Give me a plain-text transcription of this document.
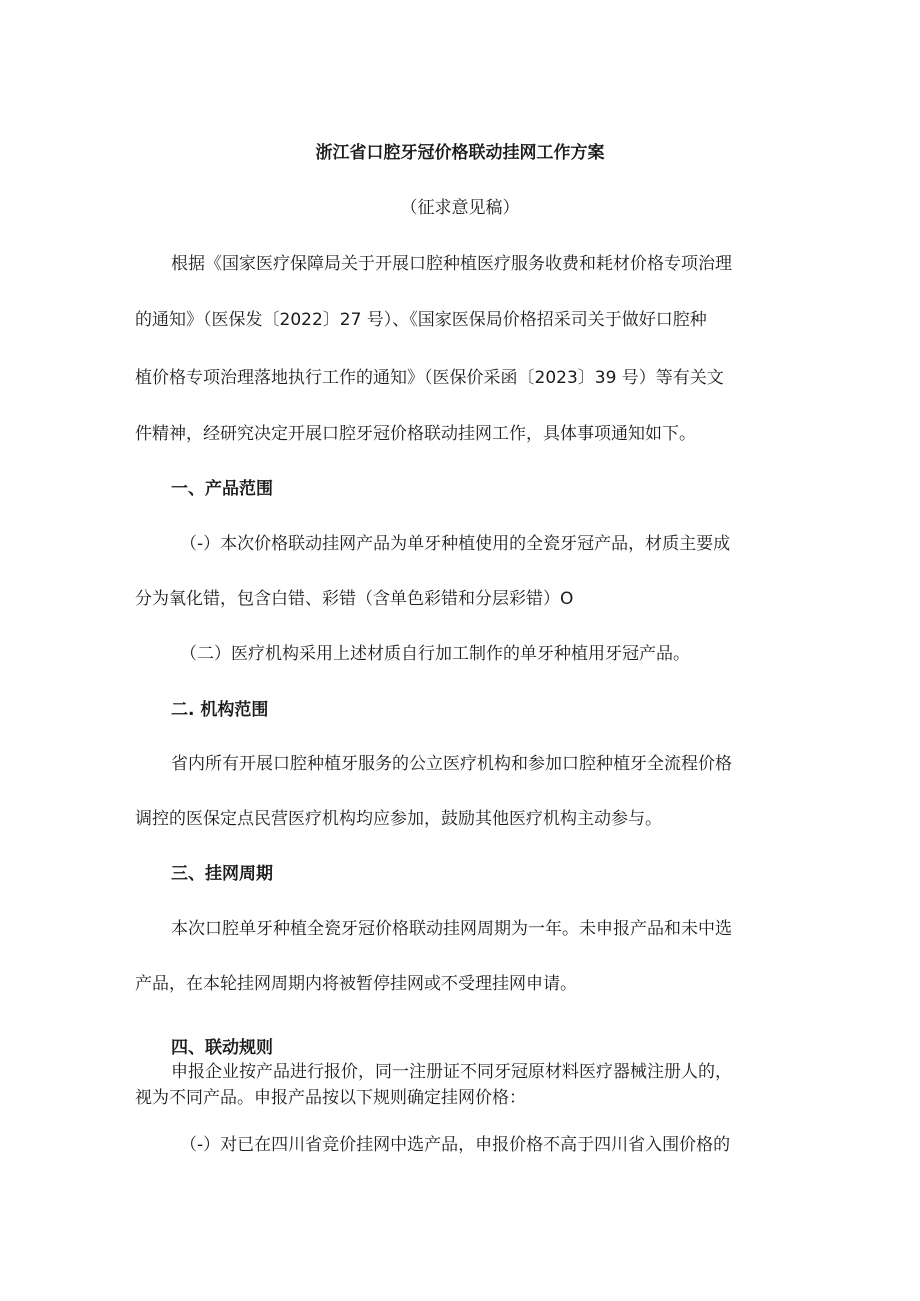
浙江省口腔牙冠价格联动挂网工作方案
（征求意见稿）
根据《国家医疗保障局关于开展口腔种植医疗服务收费和耗材价格专项治理
的通知》（医保发〔2022〕27 号）、《国家医保局价格招采司关于做好口腔种
植价格专项治理落地执行工作的通知》（医保价采函〔2023〕39 号）等有关文
件精神，经研究决定开展口腔牙冠价格联动挂网工作，具体事项通知如下。
一、产品范围
（-）本次价格联动挂网产品为单牙种植使用的全瓷牙冠产品，材质主要成
分为氧化错，包含白错、彩错（含单色彩错和分层彩错）O
（二）医疗机构采用上述材质自行加工制作的单牙种植用牙冠产品。
二. 机构范围
省内所有开展口腔种植牙服务的公立医疗机构和参加口腔种植牙全流程价格
调控的医保定点民营医疗机构均应参加，鼓励其他医疗机构主动参与。
三、挂网周期
本次口腔单牙种植全瓷牙冠价格联动挂网周期为一年。未申报产品和未中选
产品，在本轮挂网周期内将被暂停挂网或不受理挂网申请。
四、联动规则
申报企业按产品进行报价，同一注册证不同牙冠原材料医疗器械注册人的，
视为不同产品。申报产品按以下规则确定挂网价格：
（-）对已在四川省竞价挂网中选产品，申报价格不高于四川省入围价格的
